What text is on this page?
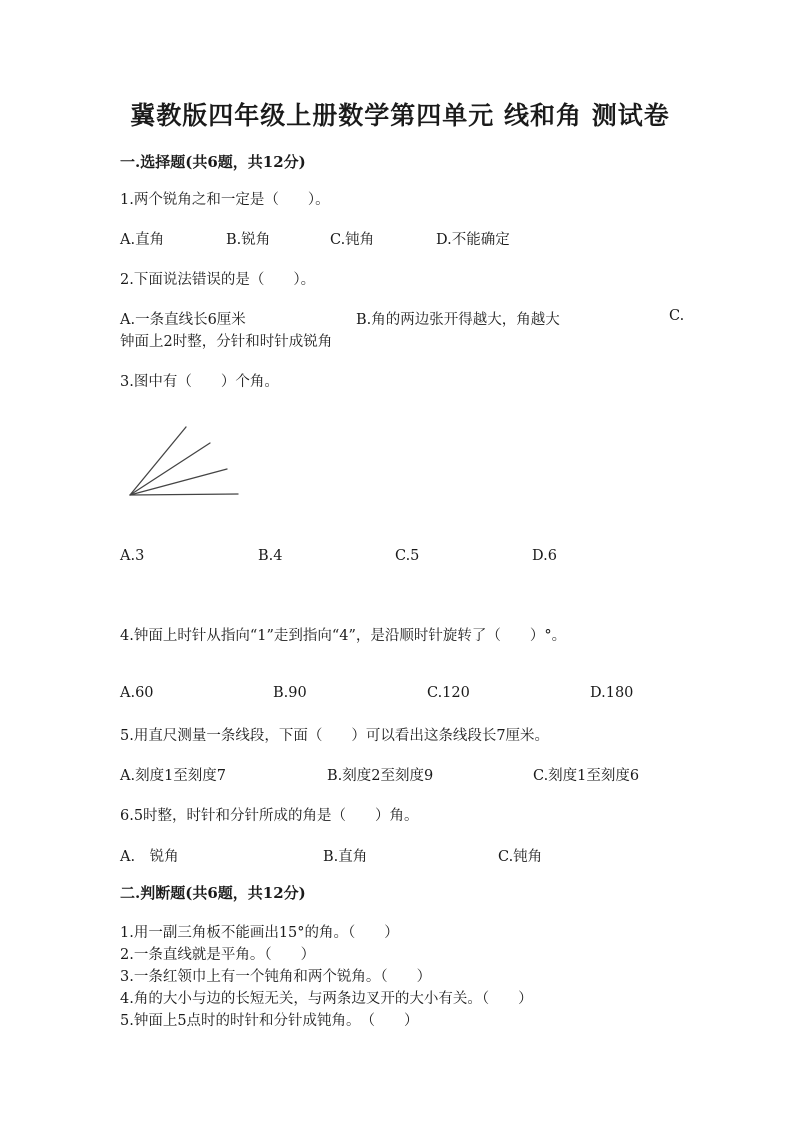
冀教版四年级上册数学第四单元 线和角 测试卷
一.选择题(共6题，共12分)
1.两个锐角之和一定是（　　）。
A.直角	B.锐角	C.钝角	D.不能确定
2.下面说法错误的是（　　）。
A.一条直线长6厘米	B.角的两边张开得越大，角越大	C.
钟面上2时整，分针和时针成锐角
3.图中有（　　）个角。
A.3	B.4	C.5	D.6
4.钟面上时针从指向“1”走到指向“4”，是沿顺时针旋转了（　　）°。
A.60	B.90	C.120	D.180
5.用直尺测量一条线段，下面（　　）可以看出这条线段长7厘米。
A.刻度1至刻度7	B.刻度2至刻度9	C.刻度1至刻度6
6.5时整，时针和分针所成的角是（　　）角。
A.　锐角	B.直角	C.钝角
二.判断题(共6题，共12分)
1.用一副三角板不能画出15°的角。（　　）
2.一条直线就是平角。（　　）
3.一条红领巾上有一个钝角和两个锐角。（　　）
4.角的大小与边的长短无关，与两条边叉开的大小有关。（　　）
5.钟面上5点时的时针和分针成钝角。　（　　）
